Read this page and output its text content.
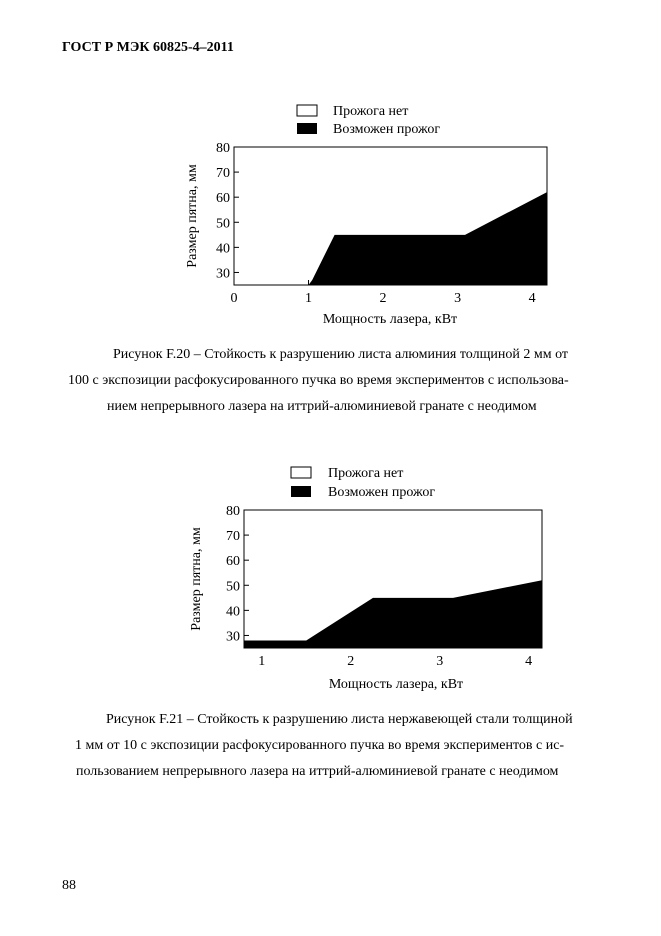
ГОСТ Р МЭК 60825-4–2011
Прожога нет
Возможен прожог
30
40
50
60
70
80
0	1	2	3	4
Мощность лазера, кВт
Размер пятна, мм
Рисунок F.20 – Стойкость к разрушению листа алюминия толщиной 2 мм от
100 с экспозиции расфокусированного пучка во время экспериментов с использова-
нием непрерывного лазера на иттрий-алюминиевой гранате с неодимом
Прожога нет
Возможен прожог
30
40
50
60
70
80
1	2	3	4
Мощность лазера, кВт
Размер пятна, мм
Рисунок F.21 – Стойкость к разрушению листа нержавеющей стали толщиной
1 мм от 10 с экспозиции расфокусированного пучка во время экспериментов с ис-
пользованием непрерывного лазера на иттрий-алюминиевой гранате с неодимом
88
